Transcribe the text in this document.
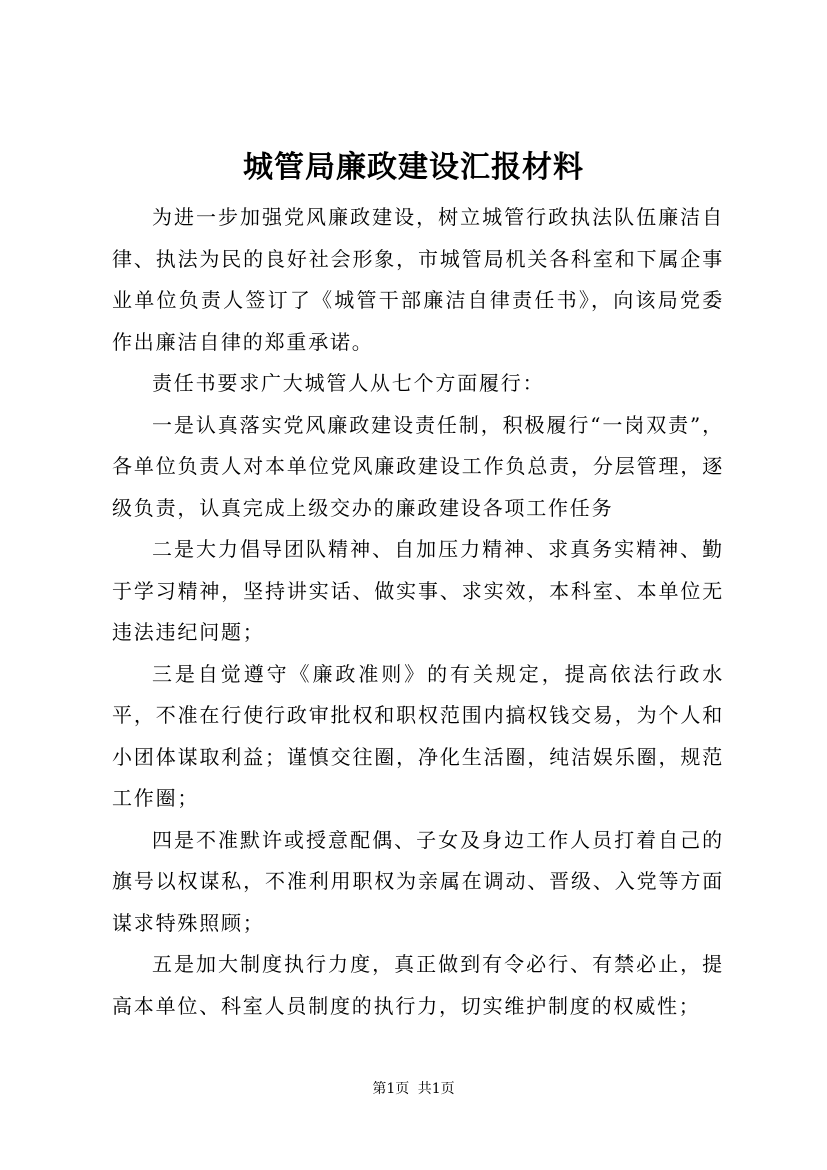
城管局廉政建设汇报材料

为进一步加强党风廉政建设，树立城管行政执法队伍廉洁自律、执法为民的良好社会形象，市城管局机关各科室和下属企事业单位负责人签订了《城管干部廉洁自律责任书》，向该局党委作出廉洁自律的郑重承诺。

责任书要求广大城管人从七个方面履行：

一是认真落实党风廉政建设责任制，积极履行“一岗双责”，各单位负责人对本单位党风廉政建设工作负总责，分层管理，逐级负责，认真完成上级交办的廉政建设各项工作任务

二是大力倡导团队精神、自加压力精神、求真务实精神、勤于学习精神，坚持讲实话、做实事、求实效，本科室、本单位无违法违纪问题；

三是自觉遵守《廉政准则》的有关规定，提高依法行政水平，不准在行使行政审批权和职权范围内搞权钱交易，为个人和小团体谋取利益；谨慎交往圈，净化生活圈，纯洁娱乐圈，规范工作圈；

四是不准默许或授意配偶、子女及身边工作人员打着自己的旗号以权谋私，不准利用职权为亲属在调动、晋级、入党等方面谋求特殊照顾；

五是加大制度执行力度，真正做到有令必行、有禁必止，提高本单位、科室人员制度的执行力，切实维护制度的权威性；

第1页 共1页
